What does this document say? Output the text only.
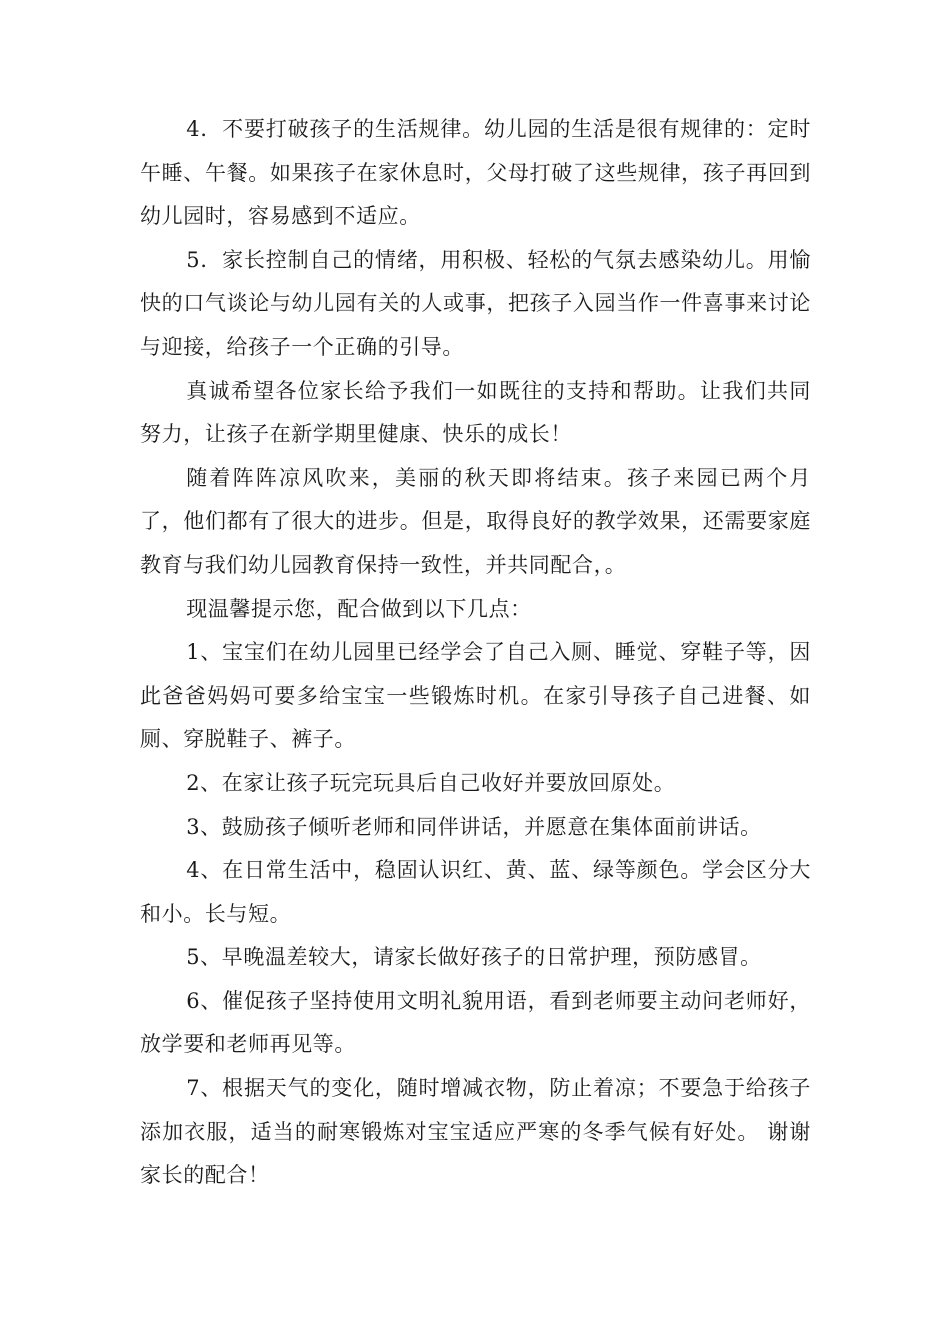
4．不要打破孩子的生活规律。幼儿园的生活是很有规律的：定时午睡、午餐。如果孩子在家休息时，父母打破了这些规律，孩子再回到幼儿园时，容易感到不适应。

5．家长控制自己的情绪，用积极、轻松的气氛去感染幼儿。用愉快的口气谈论与幼儿园有关的人或事，把孩子入园当作一件喜事来讨论与迎接，给孩子一个正确的引导。

真诚希望各位家长给予我们一如既往的支持和帮助。让我们共同努力，让孩子在新学期里健康、快乐的成长！

随着阵阵凉风吹来，美丽的秋天即将结束。孩子来园已两个月了，他们都有了很大的进步。但是，取得良好的教学效果，还需要家庭教育与我们幼儿园教育保持一致性，并共同配合，。

现温馨提示您，配合做到以下几点：

1、宝宝们在幼儿园里已经学会了自己入厕、睡觉、穿鞋子等，因此爸爸妈妈可要多给宝宝一些锻炼时机。在家引导孩子自己进餐、如厕、穿脱鞋子、裤子。

2、在家让孩子玩完玩具后自己收好并要放回原处。

3、鼓励孩子倾听老师和同伴讲话，并愿意在集体面前讲话。

4、在日常生活中，稳固认识红、黄、蓝、绿等颜色。学会区分大和小。长与短。

5、早晚温差较大，请家长做好孩子的日常护理，预防感冒。

6、催促孩子坚持使用文明礼貌用语，看到老师要主动问老师好，放学要和老师再见等。

7、根据天气的变化，随时增减衣物，防止着凉；不要急于给孩子添加衣服，适当的耐寒锻炼对宝宝适应严寒的冬季气候有好处。 谢谢家长的配合！
